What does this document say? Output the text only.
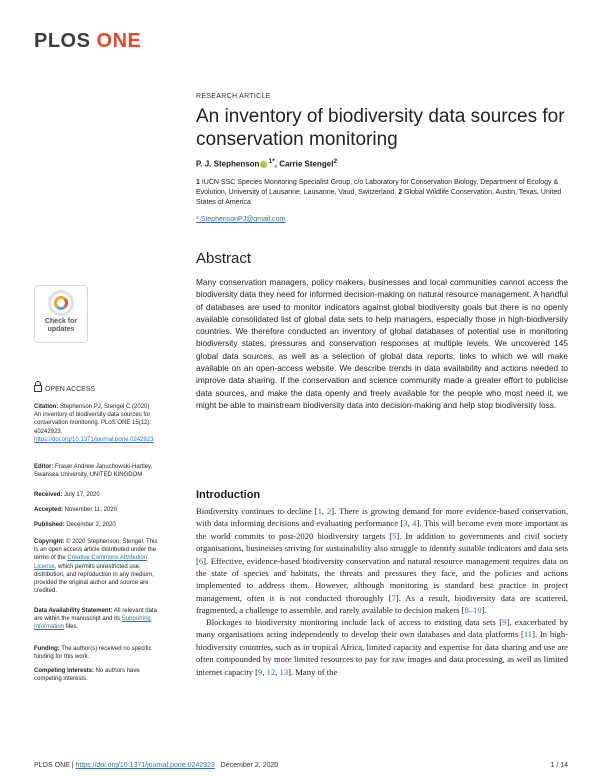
PLOS ONE
RESEARCH ARTICLE
An inventory of biodiversity data sources for conservation monitoring
P. J. Stephenson $^{1*}$, Carrie Stengel$^2$
1 IUCN SSC Species Monitoring Specialist Group, c/o Laboratory for Conservation Biology, Department of Ecology & Evolution, University of Lausanne, Lausanne, Vaud, Switzerland, 2 Global Wildlife Conservation, Austin, Texas, United States of America
* StephensonPJ@gmail.com
Abstract
Many conservation managers, policy makers, businesses and local communities cannot access the biodiversity data they need for informed decision-making on natural resource management. A handful of databases are used to monitor indicators against global biodiversity goals but there is no openly available consolidated list of global data sets to help managers, especially those in high-biodiversity countries. We therefore conducted an inventory of global databases of potential use in monitoring biodiversity states, pressures and conservation responses at multiple levels. We uncovered 145 global data sources, as well as a selection of global data reports, links to which we will make available on an open-access website. We describe trends in data availability and actions needed to improve data sharing. If the conservation and science community made a greater effort to publicise data sources, and make the data openly and freely available for the people who most need it, we might be able to mainstream biodiversity data into decision-making and help stop biodiversity loss.
Check for
updates
OPEN ACCESS
Citation: Stephenson PJ, Stengel C (2020) An inventory of biodiversity data sources for conservation monitoring. PLoS ONE 15(12): e0242923. https://doi.org/10.1371/journal.pone.0242923
Editor: Fraser Andrew Januchowski-Hartley, Swansea University, UNITED KINGDOM
Received: July 17, 2020
Accepted: November 11, 2020
Published: December 2, 2020
Copyright: © 2020 Stephenson, Stengel. This is an open access article distributed under the terms of the Creative Commons Attribution License, which permits unrestricted use, distribution, and reproduction in any medium, provided the original author and source are credited.
Data Availability Statement: All relevant data are within the manuscript and its Supporting Information files.
Funding: The author(s) received no specific funding for this work.
Competing interests: No authors have competing interests.
Introduction
Biodiversity continues to decline [1, 2]. There is growing demand for more evidence-based conservation, with data informing decisions and evaluating performance [3, 4]. This will become even more important as the world commits to post-2020 biodiversity targets [5]. In addition to governments and civil society organisations, businesses striving for sustainability also struggle to identify suitable indicators and data sets [6]. Effective, evidence-based biodiversity conservation and natural resource management requires data on the state of species and habitats, the threats and pressures they face, and the policies and actions implemented to address them. However, although monitoring is standard best practice in project management, often it is not conducted thoroughly [7]. As a result, biodiversity data are scattered, fragmented, a challenge to assemble, and rarely available to decision makers [8–10].
Blockages to biodiversity monitoring include lack of access to existing data sets [9], exacerbated by many organisations acting independently to develop their own databases and data platforms [11]. In high-biodiversity countries, such as in tropical Africa, limited capacity and expertise for data sharing and use are often compounded by more limited resources to pay for raw images and data processing, as well as limited internet capacity [9, 12, 13]. Many of the
PLOS ONE | https://doi.org/10.1371/journal.pone.0242923   December 2, 2020	1 / 14
